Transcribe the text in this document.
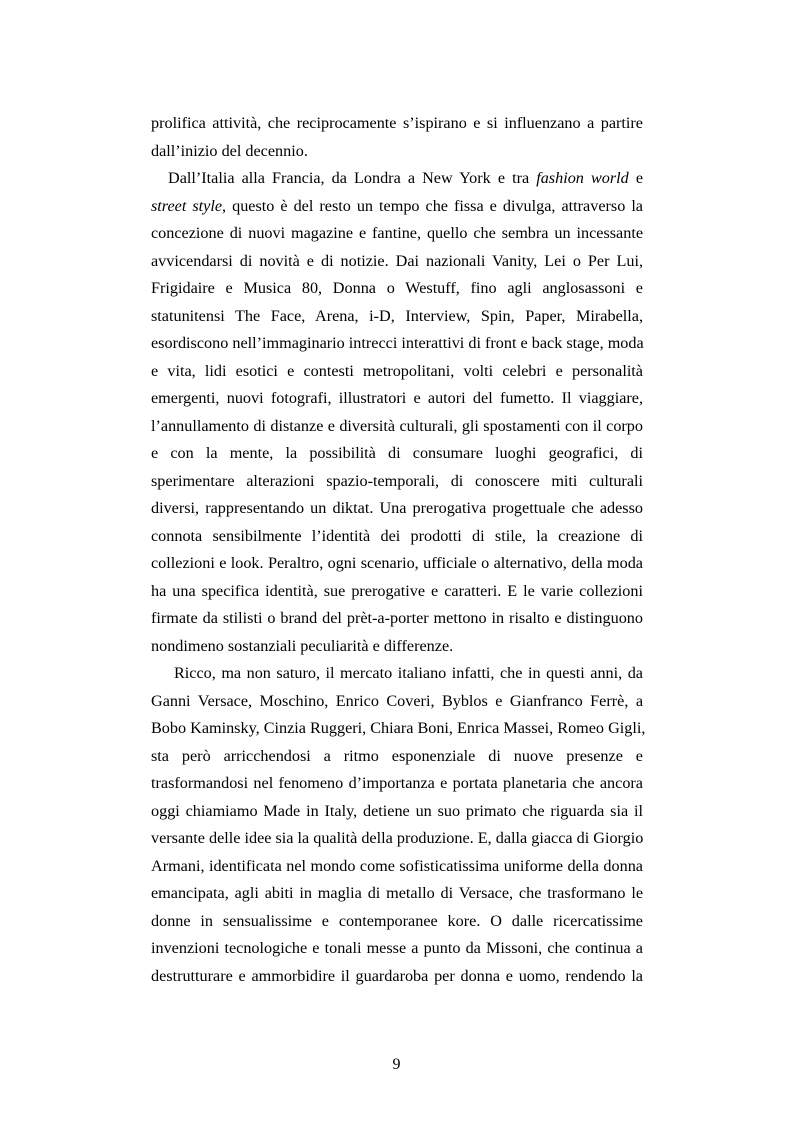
prolifica attività, che reciprocamente s’ispirano e si influenzano a partire
dall’inizio del decennio.
Dall’Italia alla Francia, da Londra a New York e tra fashion world e
street style, questo è del resto un tempo che fissa e divulga, attraverso la
concezione di nuovi magazine e fantine, quello che sembra un incessante
avvicendarsi di novità e di notizie. Dai nazionali Vanity, Lei o Per Lui,
Frigidaire e Musica 80, Donna o Westuff, fino agli anglosassoni e
statunitensi The Face, Arena, i-D, Interview, Spin, Paper, Mirabella,
esordiscono nell’immaginario intrecci interattivi di front e back stage, moda
e vita, lidi esotici e contesti metropolitani, volti celebri e personalità
emergenti, nuovi fotografi, illustratori e autori del fumetto. Il viaggiare,
l’annullamento di distanze e diversità culturali, gli spostamenti con il corpo
e con la mente, la possibilità di consumare luoghi geografici, di
sperimentare alterazioni spazio-temporali, di conoscere miti culturali
diversi, rappresentando un diktat. Una prerogativa progettuale che adesso
connota sensibilmente l’identità dei prodotti di stile, la creazione di
collezioni e look. Peraltro, ogni scenario, ufficiale o alternativo, della moda
ha una specifica identità, sue prerogative e caratteri. E le varie collezioni
firmate da stilisti o brand del prèt-a-porter mettono in risalto e distinguono
nondimeno sostanziali peculiarità e differenze.
Ricco, ma non saturo, il mercato italiano infatti, che in questi anni, da
Ganni Versace, Moschino, Enrico Coveri, Byblos e Gianfranco Ferrè, a
Bobo Kaminsky, Cinzia Ruggeri, Chiara Boni, Enrica Massei, Romeo Gigli,
sta però arricchendosi a ritmo esponenziale di nuove presenze e
trasformandosi nel fenomeno d’importanza e portata planetaria che ancora
oggi chiamiamo Made in Italy, detiene un suo primato che riguarda sia il
versante delle idee sia la qualità della produzione. E, dalla giacca di Giorgio
Armani, identificata nel mondo come sofisticatissima uniforme della donna
emancipata, agli abiti in maglia di metallo di Versace, che trasformano le
donne in sensualissime e contemporanee kore. O dalle ricercatissime
invenzioni tecnologiche e tonali messe a punto da Missoni, che continua a
destrutturare e ammorbidire il guardaroba per donna e uomo, rendendo la
9
